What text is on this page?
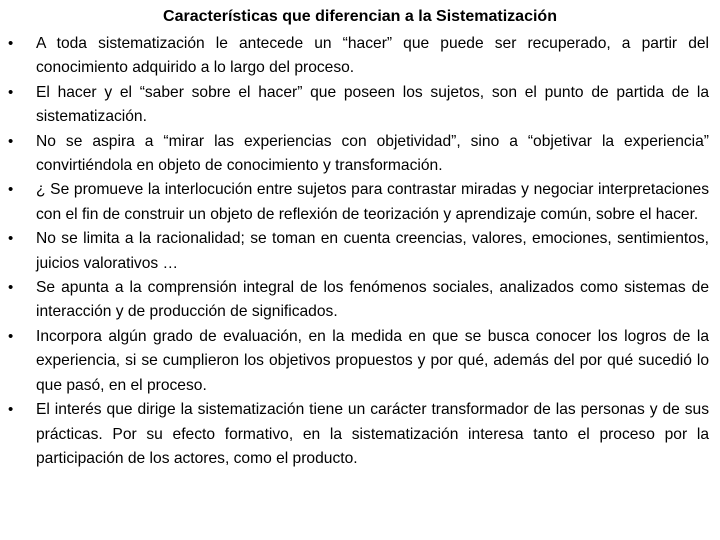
Características que diferencian a la Sistematización
•	A toda sistematización le antecede un “hacer” que puede ser recuperado, a partir del conocimiento adquirido a lo largo del proceso.
•	El hacer y el “saber sobre el hacer” que poseen los sujetos, son el punto de partida de la sistematización.
•	No se aspira a “mirar las experiencias con objetividad”, sino a “objetivar la experiencia” convirtiéndola en objeto de conocimiento y transformación.
•	¿ Se promueve la interlocución entre sujetos para contrastar miradas y negociar interpretaciones con el fin de construir un objeto de reflexión de teorización y aprendizaje común, sobre el hacer.
•	No se limita a la racionalidad; se toman en cuenta creencias, valores, emociones, sentimientos, juicios valorativos …
•	Se apunta a la comprensión integral de los fenómenos sociales, analizados como sistemas de interacción y de producción de significados.
•	Incorpora algún grado de evaluación, en la medida en que se busca conocer los logros de la experiencia, si se cumplieron los objetivos propuestos y por qué, además del por qué sucedió lo que pasó, en el proceso.
•	El interés que dirige la sistematización tiene un carácter transformador de las personas y de sus prácticas. Por su efecto formativo, en la sistematización interesa tanto el proceso por la participación de los actores, como el producto.
